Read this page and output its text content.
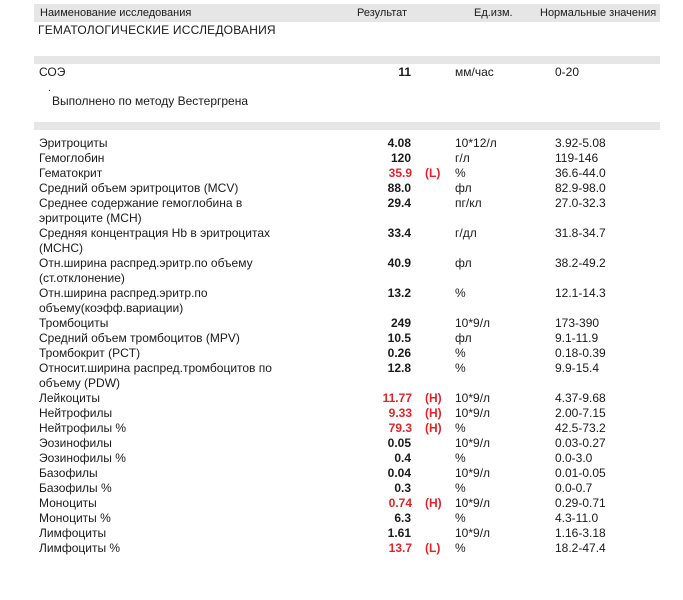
Наименование исследования	Результат	Ед.изм. Нормальные значения
ГЕМАТОЛОГИЧЕСКИЕ ИССЛЕДОВАНИЯ
СОЭ	11	мм/час	0-20
.
Выполнено по методу Вестергрена
Эритроциты	4.08	10*12/л	3.92-5.08
Гемоглобин	120	г/л	119-146
Гематокрит	35.9 (L) %	36.6-44.0
Средний объем эритроцитов (MCV)	88.0	фл	82.9-98.0
Среднее содержание гемоглобина в эритроците (MCH)
29.4	пг/кл	27.0-32.3
Средняя концентрация Hb в эритроцитах (MCHC)
33.4	г/дл	31.8-34.7
Отн.ширина распред.эритр.по объему (ст.отклонение)
40.9	фл	38.2-49.2
Отн.ширина распред.эритр.по объему(коэфф.вариации)
13.2	%	12.1-14.3
Тромбоциты	249	10*9/л	173-390
Средний объем тромбоцитов (MPV)	10.5	фл	9.1-11.9
Тромбокрит (PCT)	0.26	%	0.18-0.39
Относит.ширина распред.тромбоцитов по объему (PDW)
12.8	%	9.9-15.4
Лейкоциты	11.77 (H) 10*9/л	4.37-9.68
Нейтрофилы	9.33 (H) 10*9/л	2.00-7.15
Нейтрофилы %	79.3 (H) %	42.5-73.2
Эозинофилы	0.05	10*9/л	0.03-0.27
Эозинофилы %	0.4	%	0.0-3.0
Базофилы	0.04	10*9/л	0.01-0.05
Базофилы %	0.3	%	0.0-0.7
Моноциты	0.74 (H) 10*9/л	0.29-0.71
Моноциты %	6.3	%	4.3-11.0
Лимфоциты	1.61	10*9/л	1.16-3.18
Лимфоциты %	13.7 (L) %	18.2-47.4
